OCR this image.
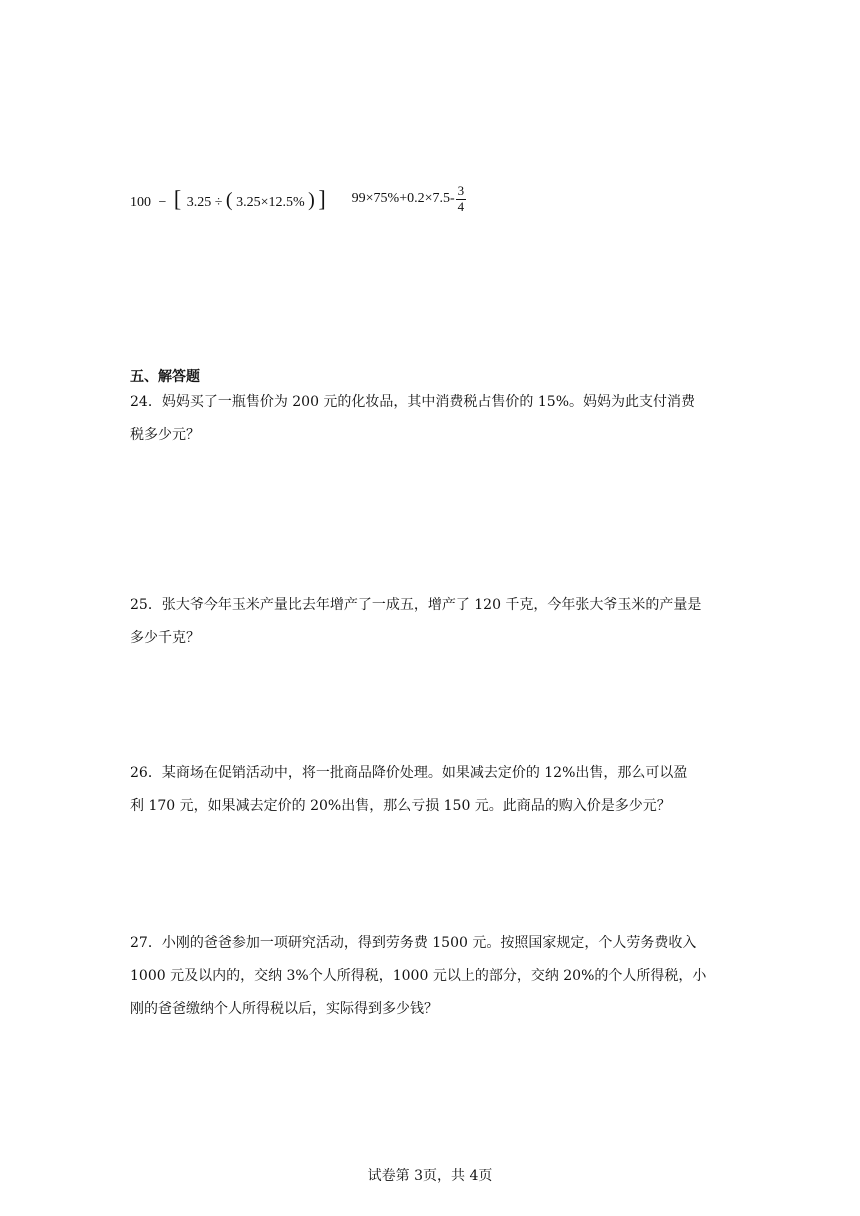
100 − [ 3.25 ÷ ( 3.25×12.5% ) ] $99\times 75\%+0.2\times 7.5- \frac{3}{4}$
五、解答题
24．妈妈买了一瓶售价为 200 元的化妆品，其中消费税占售价的 15%。妈妈为此支付消费
税多少元？
25．张大爷今年玉米产量比去年增产了一成五，增产了 120 千克，今年张大爷玉米的产量是
多少千克？
26．某商场在促销活动中，将一批商品降价处理。如果减去定价的 12%出售，那么可以盈
利 170 元，如果减去定价的 20%出售，那么亏损 150 元。此商品的购入价是多少元？
27．小刚的爸爸参加一项研究活动，得到劳务费 1500 元。按照国家规定，个人劳务费收入
1000 元及以内的，交纳 3%个人所得税，1000 元以上的部分，交纳 20%的个人所得税，小
刚的爸爸缴纳个人所得税以后，实际得到多少钱？
试卷第 3页，共 4页
